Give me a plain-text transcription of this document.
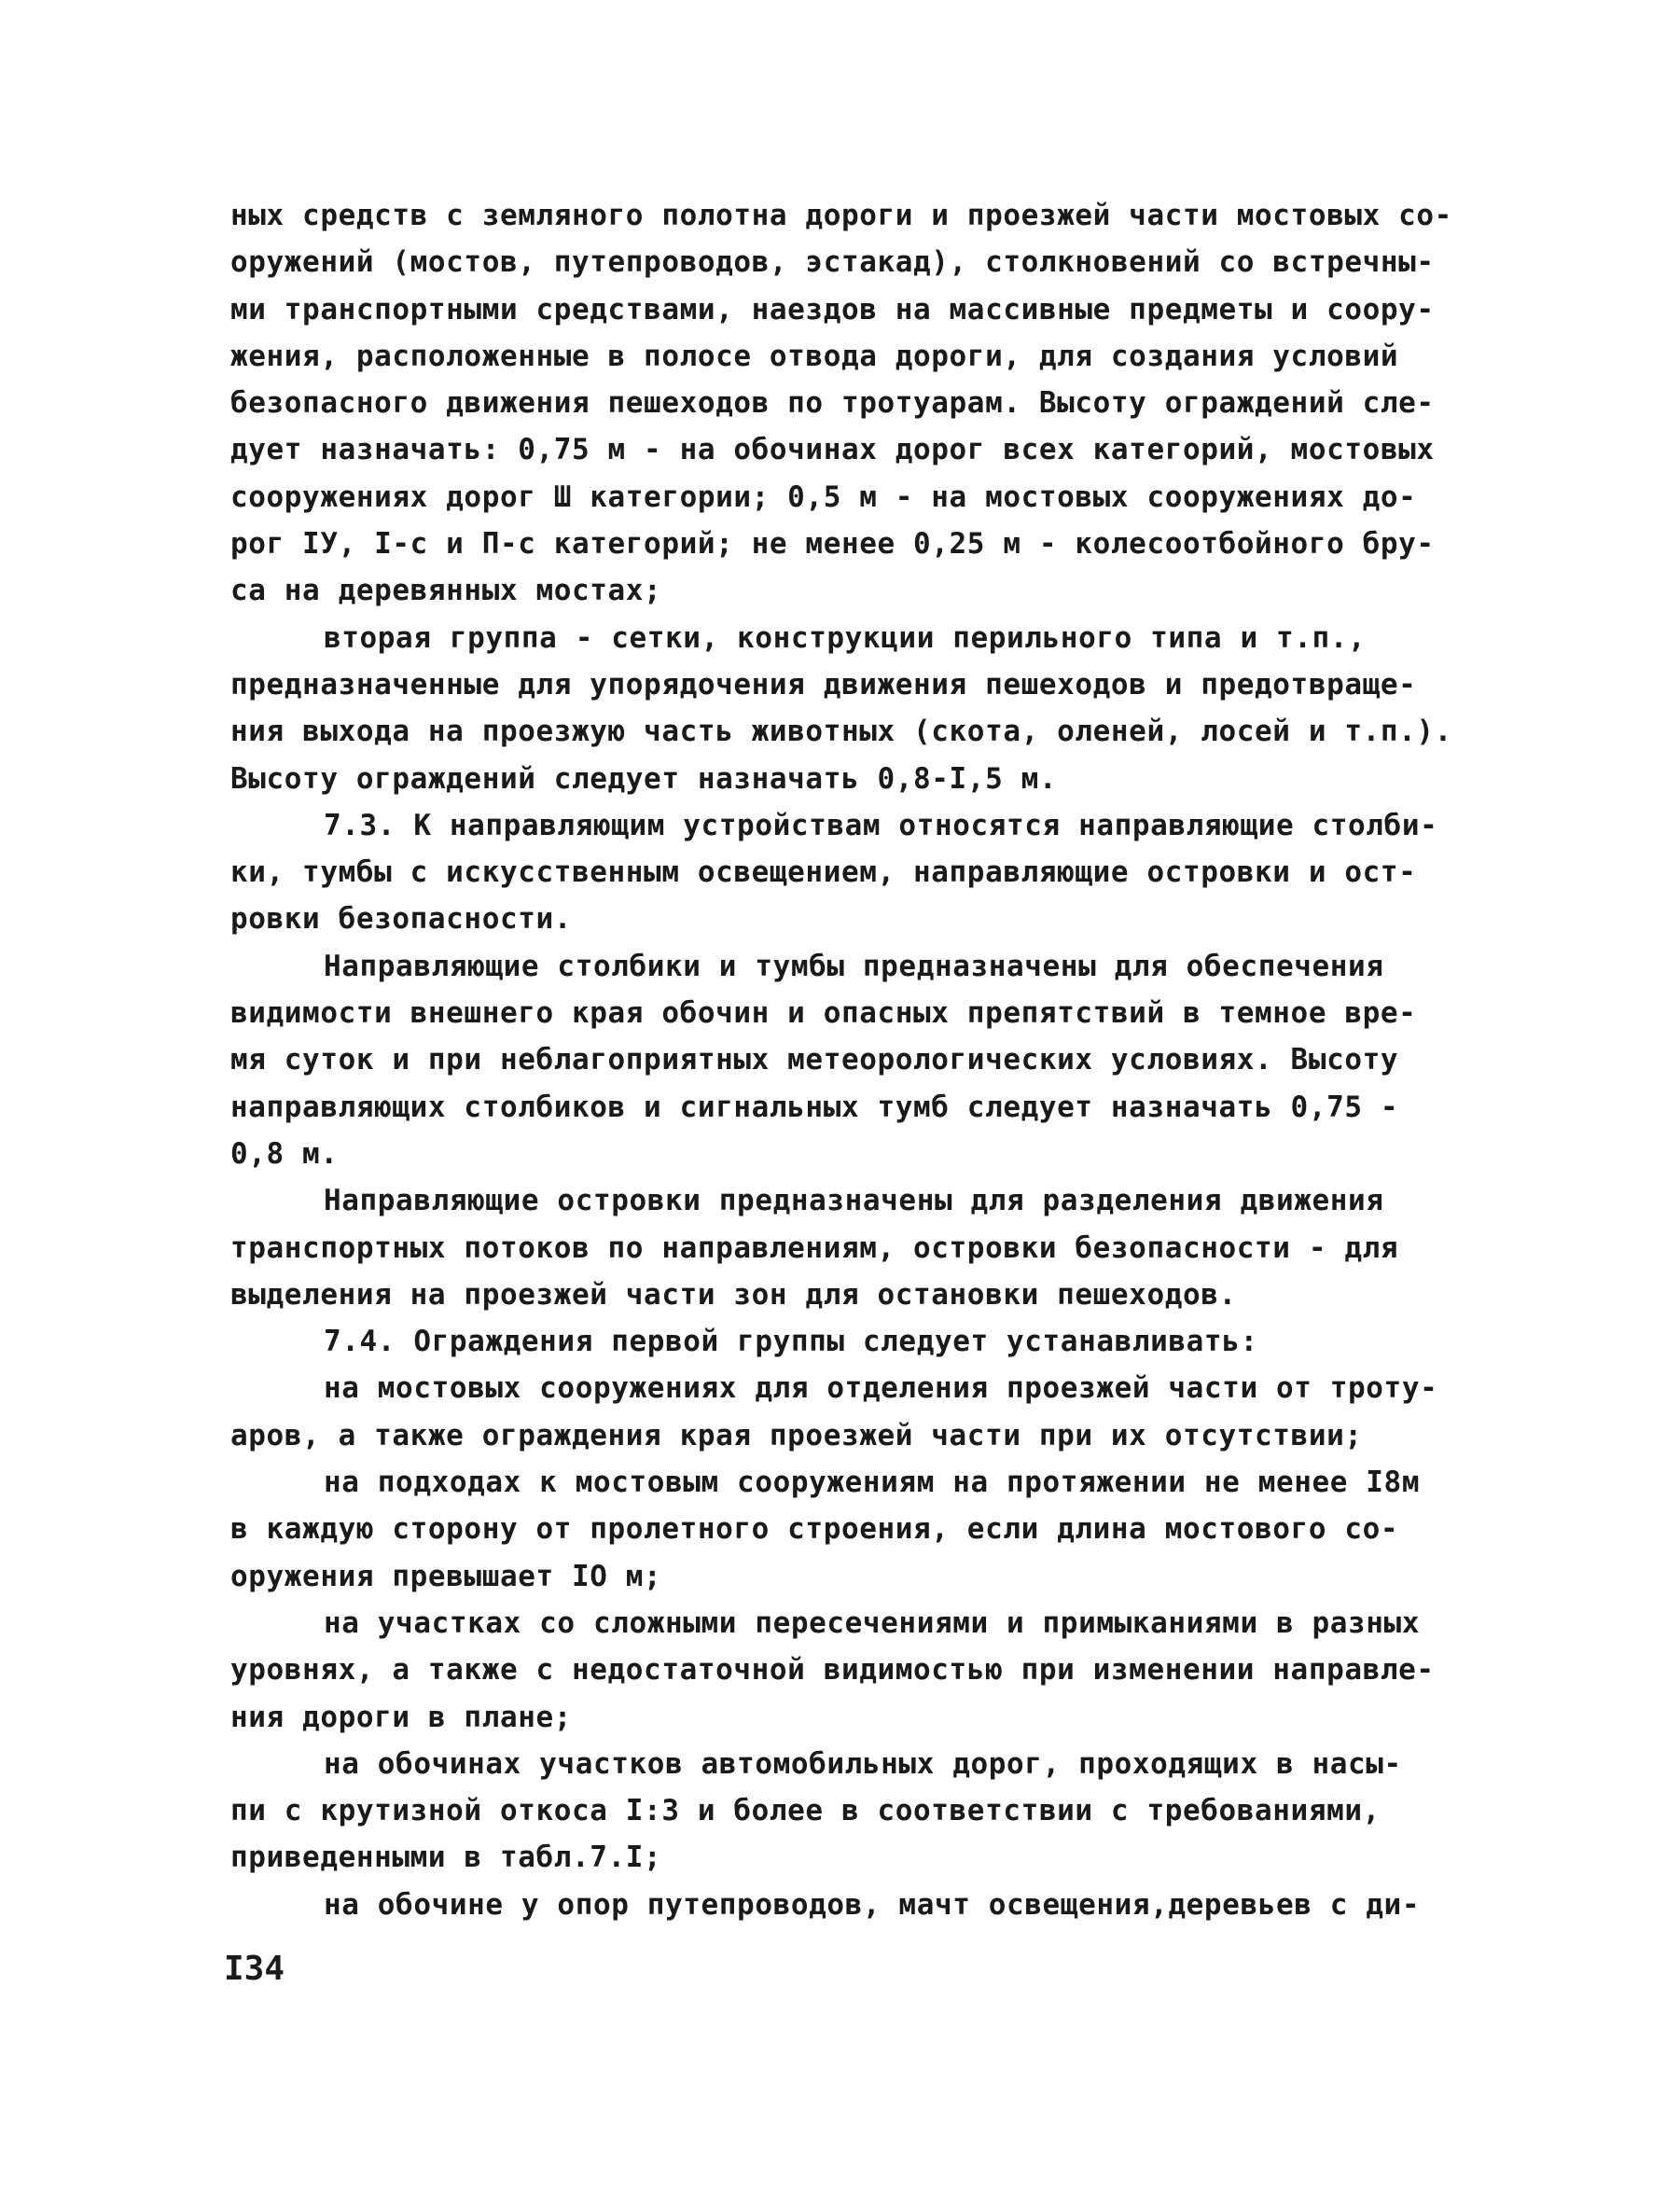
ных средств с земляного полотна дороги и проезжей части мостовых со-
оружений (мостов, путепроводов, эстакад), столкновений со встречны-
ми транспортными средствами, наездов на массивные предметы и соору-
жения, расположенные в полосе отвода дороги, для создания условий
безопасного движения пешеходов по тротуарам. Высоту ограждений сле-
дует назначать: 0,75 м - на обочинах дорог всех категорий, мостовых
сооружениях дорог Ш категории; 0,5 м - на мостовых сооружениях до-
рог IУ, I-с и П-с категорий; не менее 0,25 м - колесоотбойного бру-
са на деревянных мостах;
вторая группа - сетки, конструкции перильного типа и т.п.,
предназначенные для упорядочения движения пешеходов и предотвраще-
ния выхода на проезжую часть животных (скота, оленей, лосей и т.п.).
Высоту ограждений следует назначать 0,8-I,5 м.
7.3. К направляющим устройствам относятся направляющие столби-
ки, тумбы с искусственным освещением, направляющие островки и ост-
ровки безопасности.
Направляющие столбики и тумбы предназначены для обеспечения
видимости внешнего края обочин и опасных препятствий в темное вре-
мя суток и при неблагоприятных метеорологических условиях. Высоту
направляющих столбиков и сигнальных тумб следует назначать 0,75 -
0,8 м.
Направляющие островки предназначены для разделения движения
транспортных потоков по направлениям, островки безопасности - для
выделения на проезжей части зон для остановки пешеходов.
7.4. Ограждения первой группы следует устанавливать:
на мостовых сооружениях для отделения проезжей части от троту-
аров, а также ограждения края проезжей части при их отсутствии;
на подходах к мостовым сооружениям на протяжении не менее I8м
в каждую сторону от пролетного строения, если длина мостового со-
оружения превышает IO м;
на участках со сложными пересечениями и примыканиями в разных
уровнях, а также с недостаточной видимостью при изменении направле-
ния дороги в плане;
на обочинах участков автомобильных дорог, проходящих в насы-
пи с крутизной откоса I:3 и более в соответствии с требованиями,
приведенными в табл.7.I;
на обочине у опор путепроводов, мачт освещения,деревьев с ди-
I34
